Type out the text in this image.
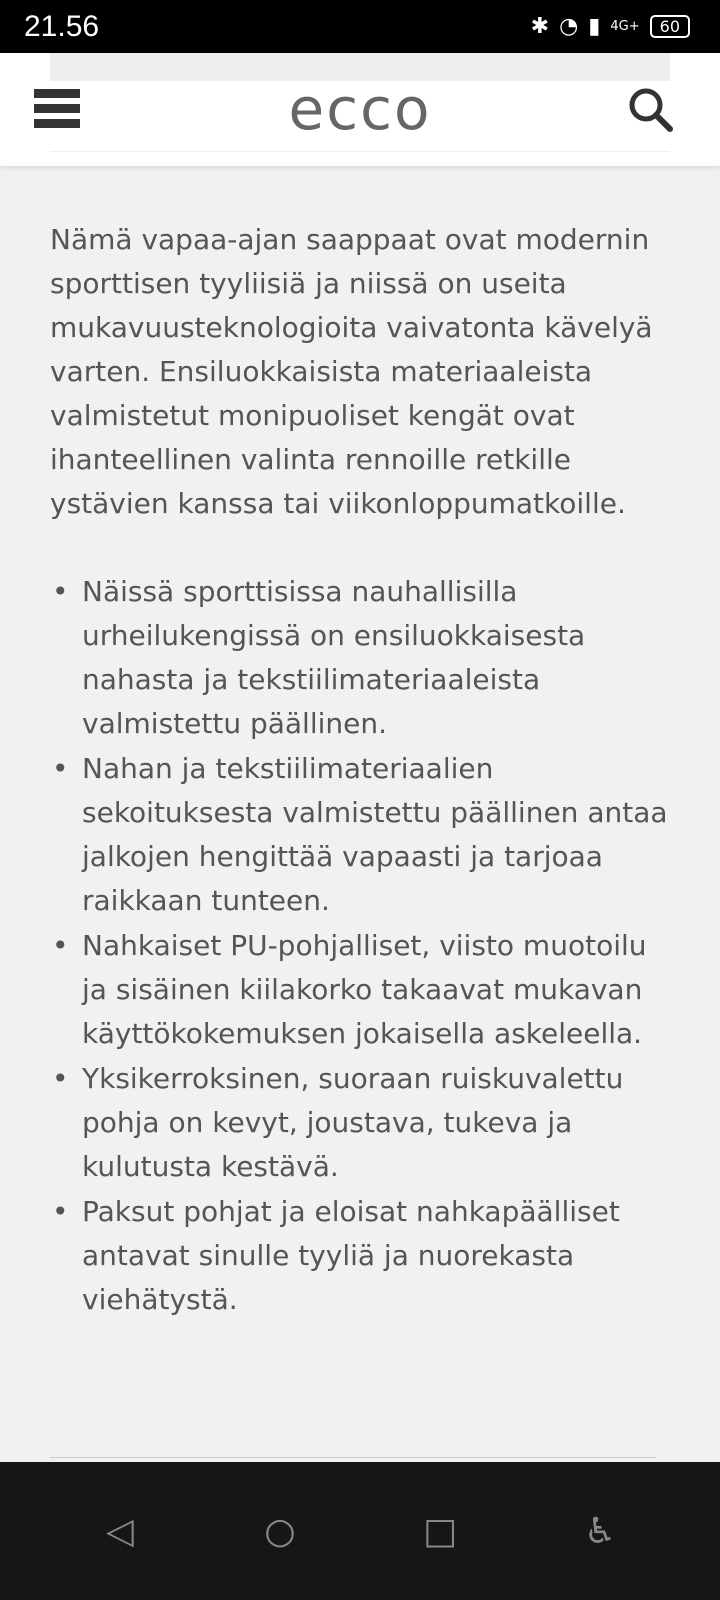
21.56	✱ ◔ ▮ 4G+	60
ecco

Nämä vapaa-ajan saappaat ovat modernin sporttisen tyyliisiä ja niissä on useita mukavuusteknologioita vaivatonta kävelyä varten. Ensiluokkaisista materiaaleista valmistetut monipuoliset kengät ovat ihanteellinen valinta rennoille retkille ystävien kanssa tai viikonloppumatkoille.

• Näissä sporttisissa nauhallisilla urheilukengissä on ensiluokkaisesta nahasta ja tekstiilimateriaaleista valmistettu päällinen.
• Nahan ja tekstiilimateriaalien sekoituksesta valmistettu päällinen antaa jalkojen hengittää vapaasti ja tarjoaa raikkaan tunteen.
• Nahkaiset PU-pohjalliset, viisto muotoilu ja sisäinen kiilakorko takaavat mukavan käyttökokemuksen jokaisella askeleella.
• Yksikerroksinen, suoraan ruiskuvalettu pohja on kevyt, joustava, tukeva ja kulutusta kestävä.
• Paksut pohjat ja eloisat nahkapäälliset antavat sinulle tyyliä ja nuorekasta viehätystä.
◁	○	□	♿
